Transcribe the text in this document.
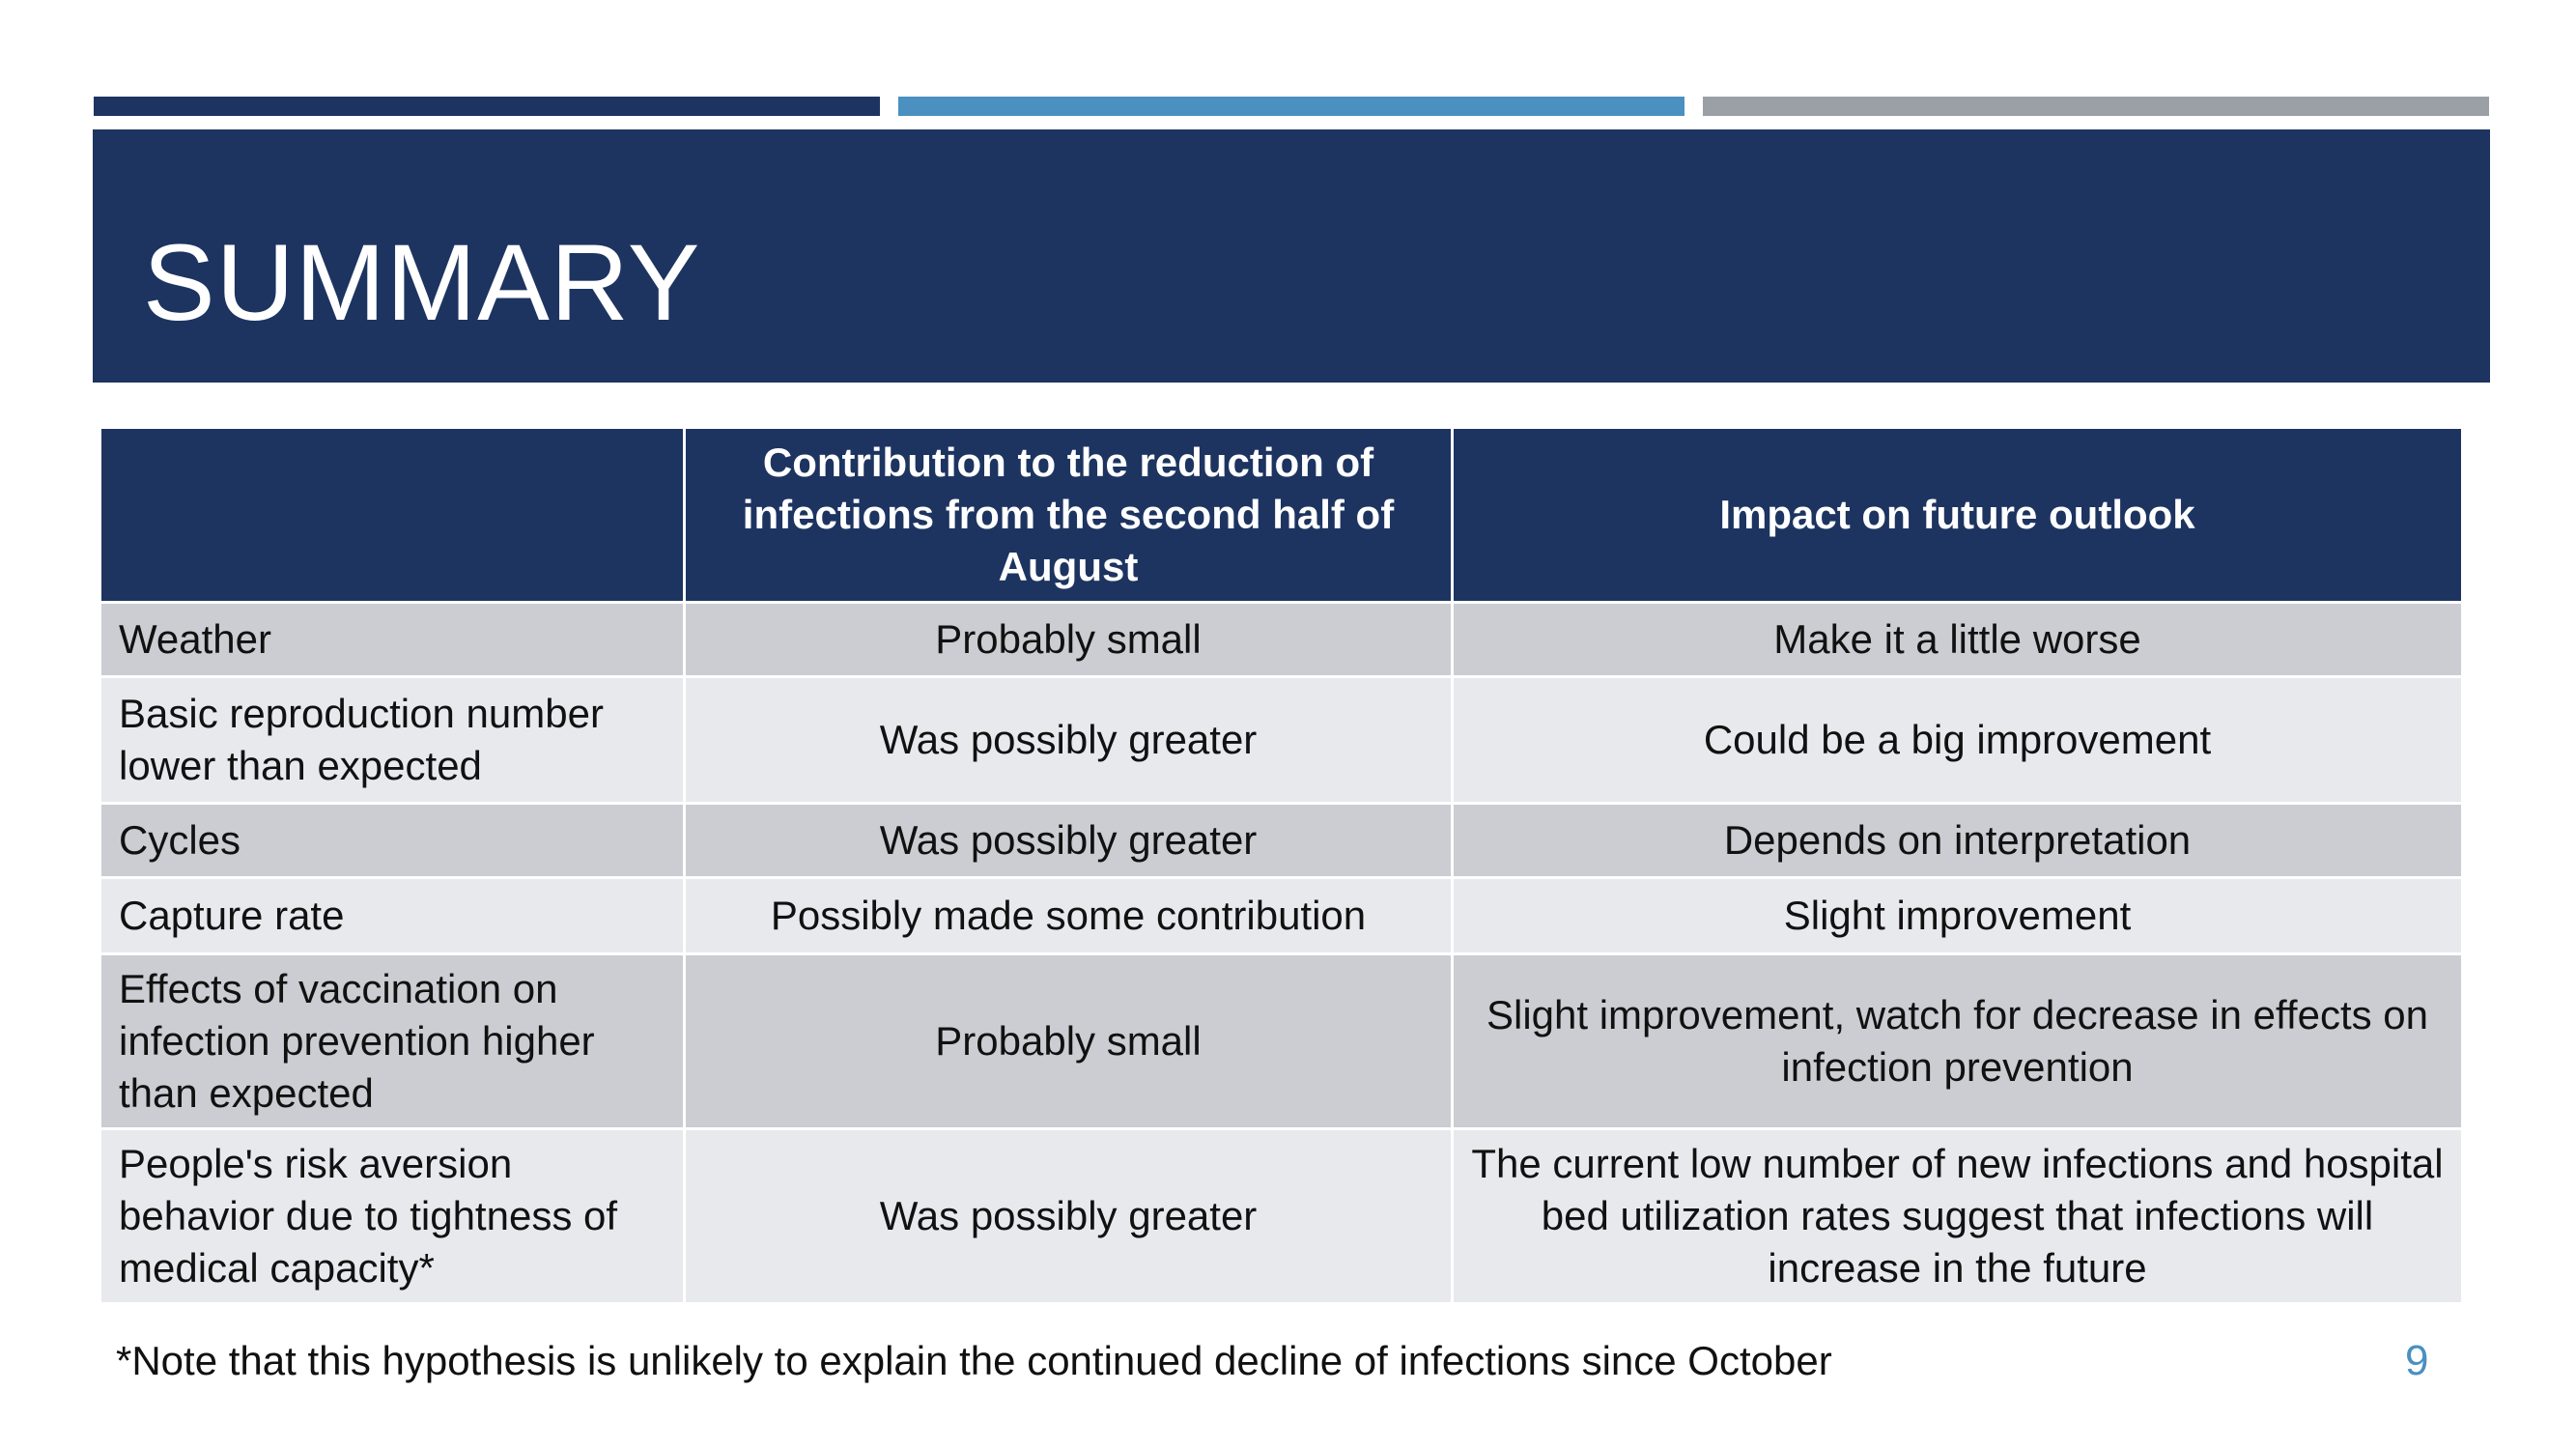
SUMMARY
	Contribution to the reduction of infections from the second half of August	Impact on future outlook
Weather	Probably small	Make it a little worse
Basic reproduction number lower than expected	Was possibly greater	Could be a big improvement
Cycles	Was possibly greater	Depends on interpretation
Capture rate	Possibly made some contribution	Slight improvement
Effects of vaccination on infection prevention higher than expected	Probably small	Slight improvement, watch for decrease in effects on infection prevention
People's risk aversion behavior due to tightness of medical capacity*	Was possibly greater	The current low number of new infections and hospital bed utilization rates suggest that infections will increase in the future
*Note that this hypothesis is unlikely to explain the continued decline of infections since October	9
